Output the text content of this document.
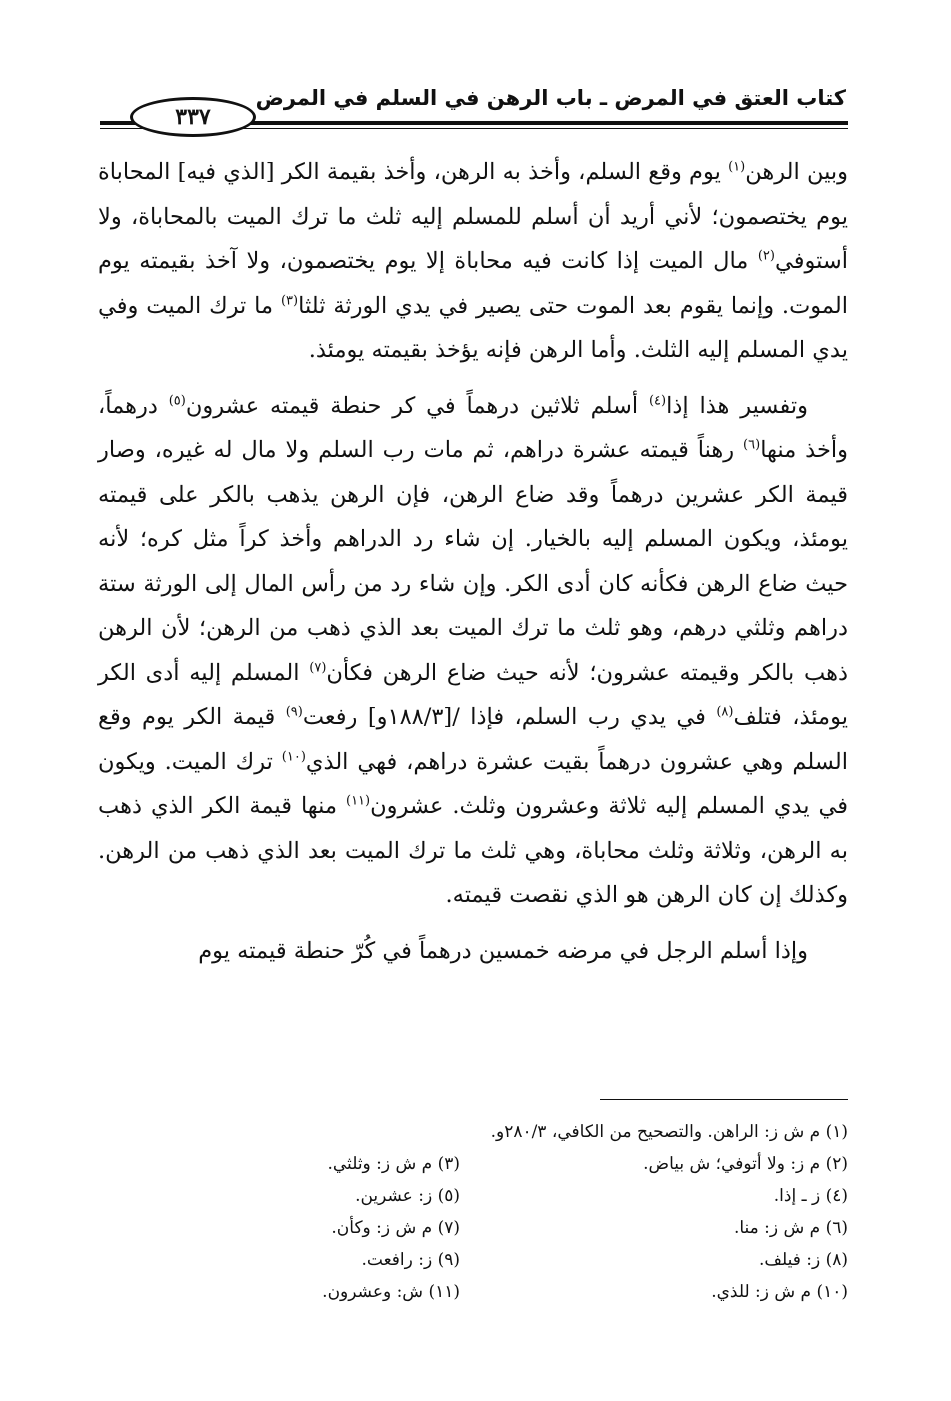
كتاب العتق في المرض ـ باب الرهن في السلم في المرض
٣٣٧

وبين الرهن$^{(١)}$ يوم وقع السلم، وأخذ به الرهن، وأخذ بقيمة الكر [الذي فيه] المحاباة يوم يختصمون؛ لأني أريد أن أسلم للمسلم إليه ثلث ما ترك الميت بالمحاباة، ولا أستوفي$^{(٢)}$ مال الميت إذا كانت فيه محاباة إلا يوم يختصمون، ولا آخذ بقيمته يوم الموت. وإنما يقوم بعد الموت حتى يصير في يدي الورثة ثلثا$^{(٣)}$ ما ترك الميت وفي يدي المسلم إليه الثلث. وأما الرهن فإنه يؤخذ بقيمته يومئذ.

وتفسير هذا إذا$^{(٤)}$ أسلم ثلاثين درهماً في كر حنطة قيمته عشرون$^{(٥)}$ درهماً، وأخذ منها$^{(٦)}$ رهناً قيمته عشرة دراهم، ثم مات رب السلم ولا مال له غيره، وصار قيمة الكر عشرين درهماً وقد ضاع الرهن، فإن الرهن يذهب بالكر على قيمته يومئذ، ويكون المسلم إليه بالخيار. إن شاء رد الدراهم وأخذ كراً مثل كره؛ لأنه حيث ضاع الرهن فكأنه كان أدى الكر. وإن شاء رد من رأس المال إلى الورثة ستة دراهم وثلثي درهم، وهو ثلث ما ترك الميت بعد الذي ذهب من الرهن؛ لأن الرهن ذهب بالكر وقيمته عشرون؛ لأنه حيث ضاع الرهن فكأن$^{(٧)}$ المسلم إليه أدى الكر يومئذ، فتلف$^{(٨)}$ في يدي رب السلم، فإذا /[١٨٨/٣و] رفعت$^{(٩)}$ قيمة الكر يوم وقع السلم وهي عشرون درهماً بقيت عشرة دراهم، فهي الذي$^{(١٠)}$ ترك الميت. ويكون في يدي المسلم إليه ثلاثة وعشرون وثلث. عشرون$^{(١١)}$ منها قيمة الكر الذي ذهب به الرهن، وثلاثة وثلث محاباة، وهي ثلث ما ترك الميت بعد الذي ذهب من الرهن. وكذلك إن كان الرهن هو الذي نقصت قيمته.

وإذا أسلم الرجل في مرضه خمسين درهماً في كُرّ حنطة قيمته يوم

(١) م ش ز: الراهن. والتصحيح من الكافي، ٢٨٠/٣و.
(٢) م ز: ولا أتوفي؛ ش بياض.
(٣) م ش ز: وثلثي.
(٤) ز ـ إذا.
(٥) ز: عشرين.
(٦) م ش ز: منا.
(٧) م ش ز: وكأن.
(٨) ز: فيلف.
(٩) ز: رافعت.
(١٠) م ش ز: للذي.
(١١) ش: وعشرون.
